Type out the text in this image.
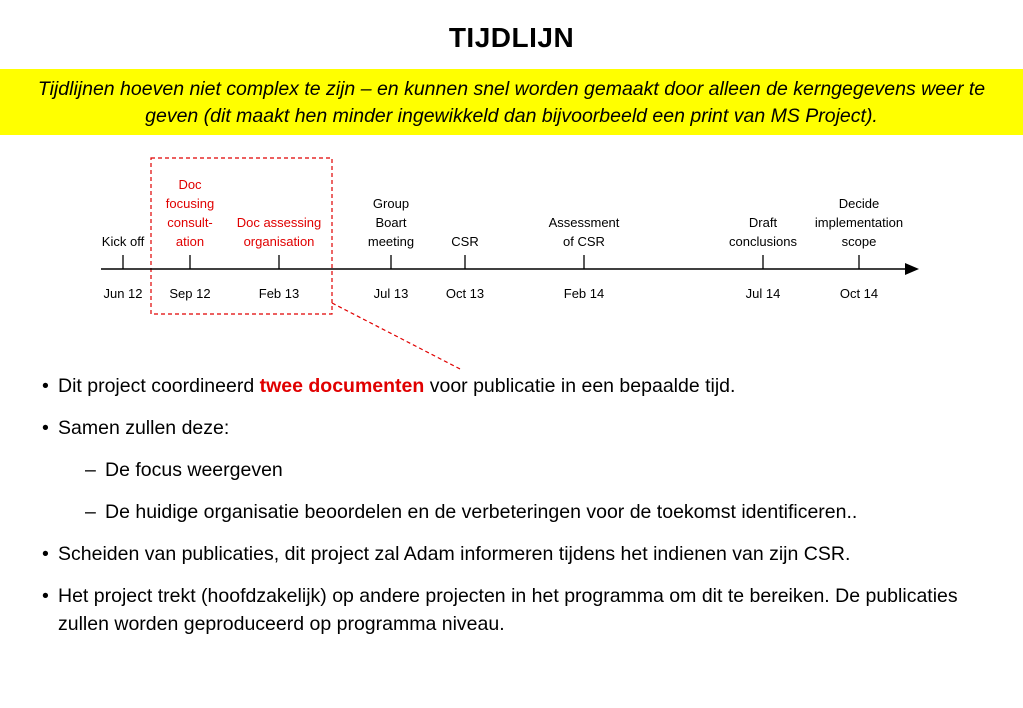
TIJDLIJN
Tijdlijnen hoeven niet complex te zijn – en kunnen snel worden gemaakt door alleen de kerngegevens weer te geven (dit maakt hen minder ingewikkeld dan bijvoorbeeld een print van MS Project).
Kick off
Jun 12
Doc
focusing
consult-
ation
Sep 12
Doc assessing
organisation
Feb 13
Group
Boart
meeting
Jul 13
CSR
Oct 13
Assessment
of CSR
Feb 14
Draft
conclusions
Jul 14
Decide
implementation
scope
Oct 14
• Dit project coordineerd twee documenten voor publicatie in een bepaalde tijd.
• Samen zullen deze:
– De focus weergeven
– De huidige organisatie beoordelen en de verbeteringen voor de toekomst identificeren..
• Scheiden van publicaties, dit project zal Adam informeren tijdens het indienen van zijn CSR.
• Het project trekt (hoofdzakelijk) op andere projecten in het programma om dit te bereiken. De publicaties zullen worden geproduceerd op programma niveau.
